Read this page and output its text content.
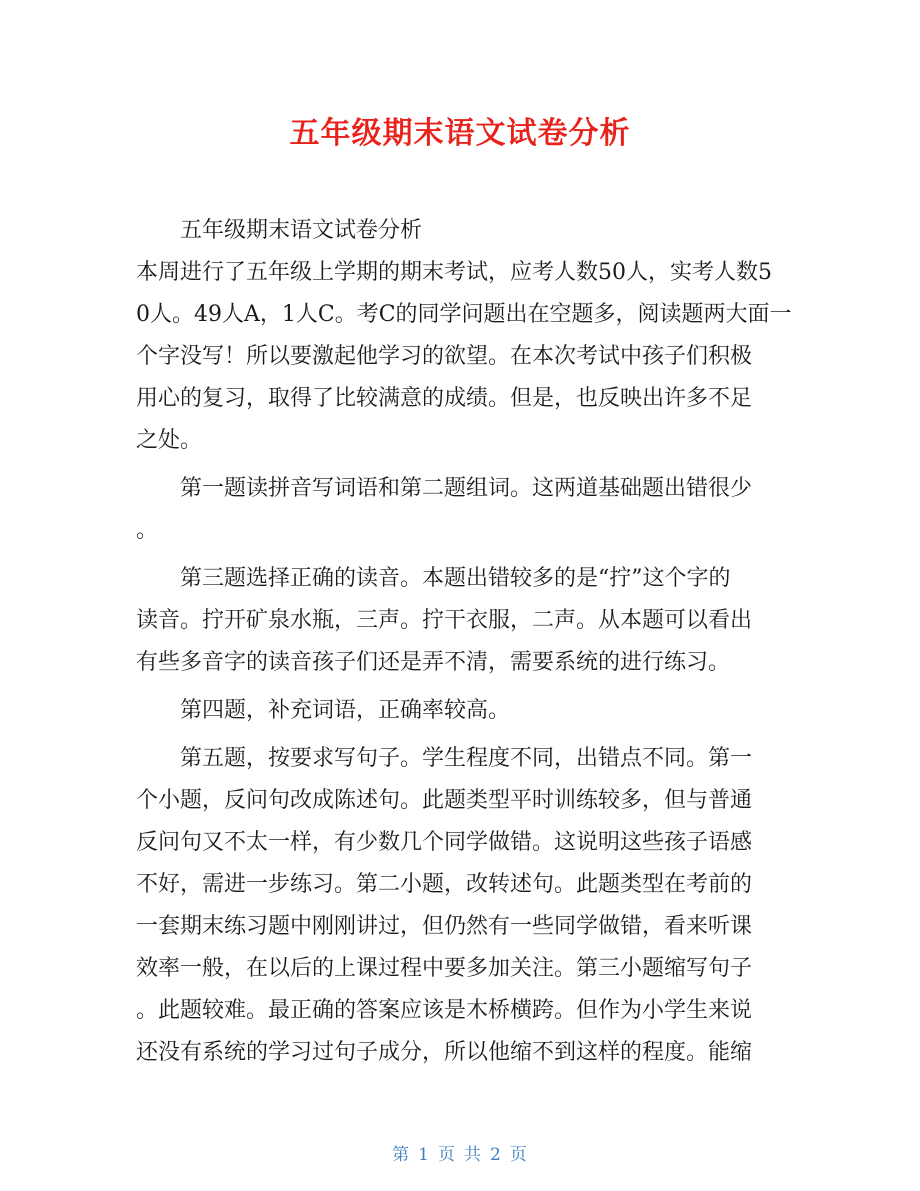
五年级期末语文试卷分析
五年级期末语文试卷分析
本周进行了五年级上学期的期末考试，应考人数50人，实考人数5
0人。49人A，1人C。考C的同学问题出在空题多，阅读题两大面一
个字没写！所以要激起他学习的欲望。在本次考试中孩子们积极
用心的复习，取得了比较满意的成绩。但是，也反映出许多不足
之处。
第一题读拼音写词语和第二题组词。这两道基础题出错很少
。
第三题选择正确的读音。本题出错较多的是“拧”这个字的
读音。拧开矿泉水瓶，三声。拧干衣服，二声。从本题可以看出
有些多音字的读音孩子们还是弄不清，需要系统的进行练习。
第四题，补充词语，正确率较高。
第五题，按要求写句子。学生程度不同，出错点不同。第一
个小题，反问句改成陈述句。此题类型平时训练较多，但与普通
反问句又不太一样，有少数几个同学做错。这说明这些孩子语感
不好，需进一步练习。第二小题，改转述句。此题类型在考前的
一套期末练习题中刚刚讲过，但仍然有一些同学做错，看来听课
效率一般，在以后的上课过程中要多加关注。第三小题缩写句子
。此题较难。最正确的答案应该是木桥横跨。但作为小学生来说
还没有系统的学习过句子成分，所以他缩不到这样的程度。能缩
第 1 页 共 2 页
